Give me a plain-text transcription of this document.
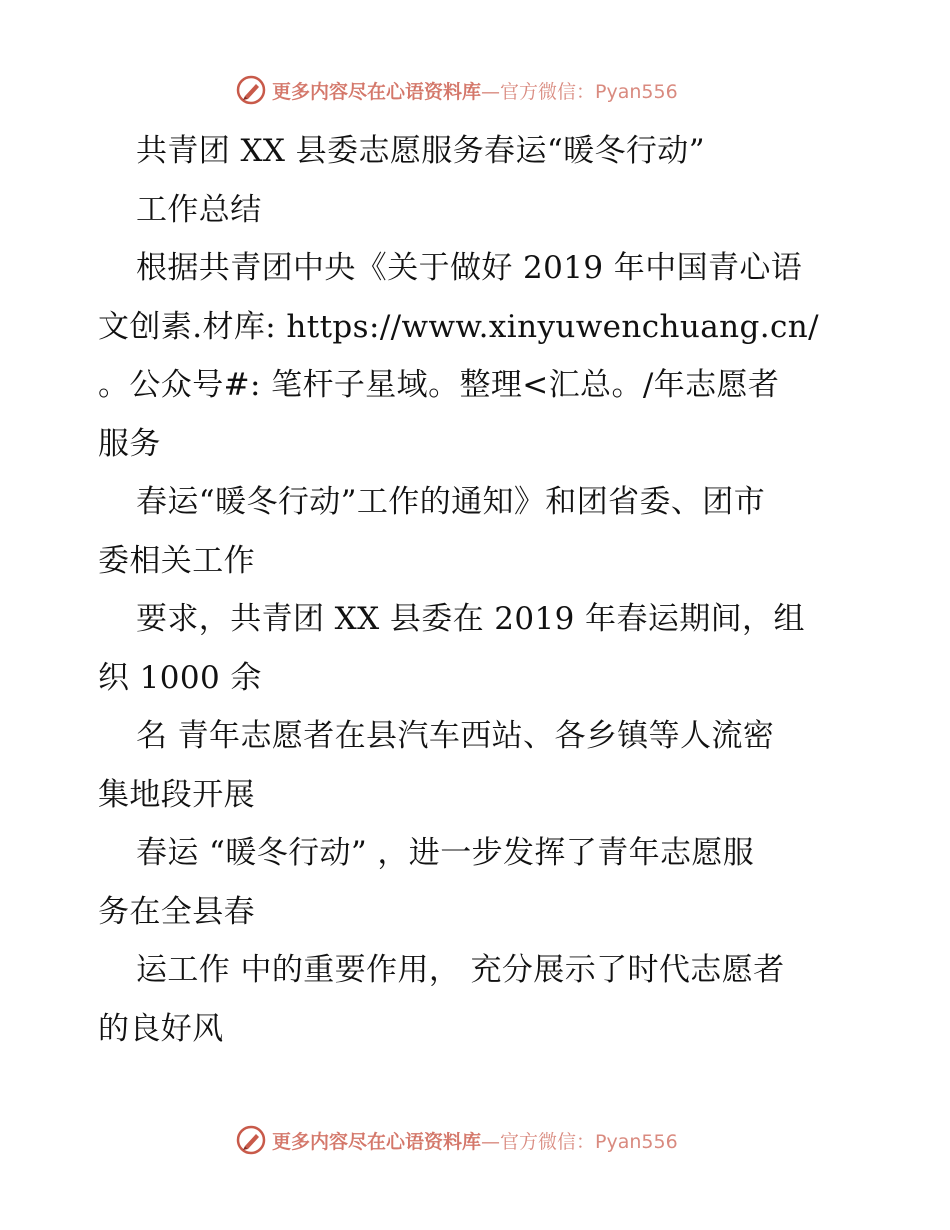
更多内容尽在心语资料库 —官方微信：Pyan556
共青团 XX 县委志愿服务春运“暖冬行动”
工作总结
根据共青团中央《关于做好 2019 年中国青心语
文创素.材库: https://www.xinyuwenchuang.cn/
。公众号#: 笔杆子星域。整理<汇总。/年志愿者
服务
春运“暖冬行动”工作的通知》和团省委、团市
委相关工作
要求，共青团 XX 县委在 2019 年春运期间，组
织 1000 余
名 青年志愿者在县汽车西站、各乡镇等人流密
集地段开展
春运 “暖冬行动” ，进一步发挥了青年志愿服
务在全县春
运工作 中的重要作用， 充分展示了时代志愿者
的良好风
更多内容尽在心语资料库 —官方微信：Pyan556
